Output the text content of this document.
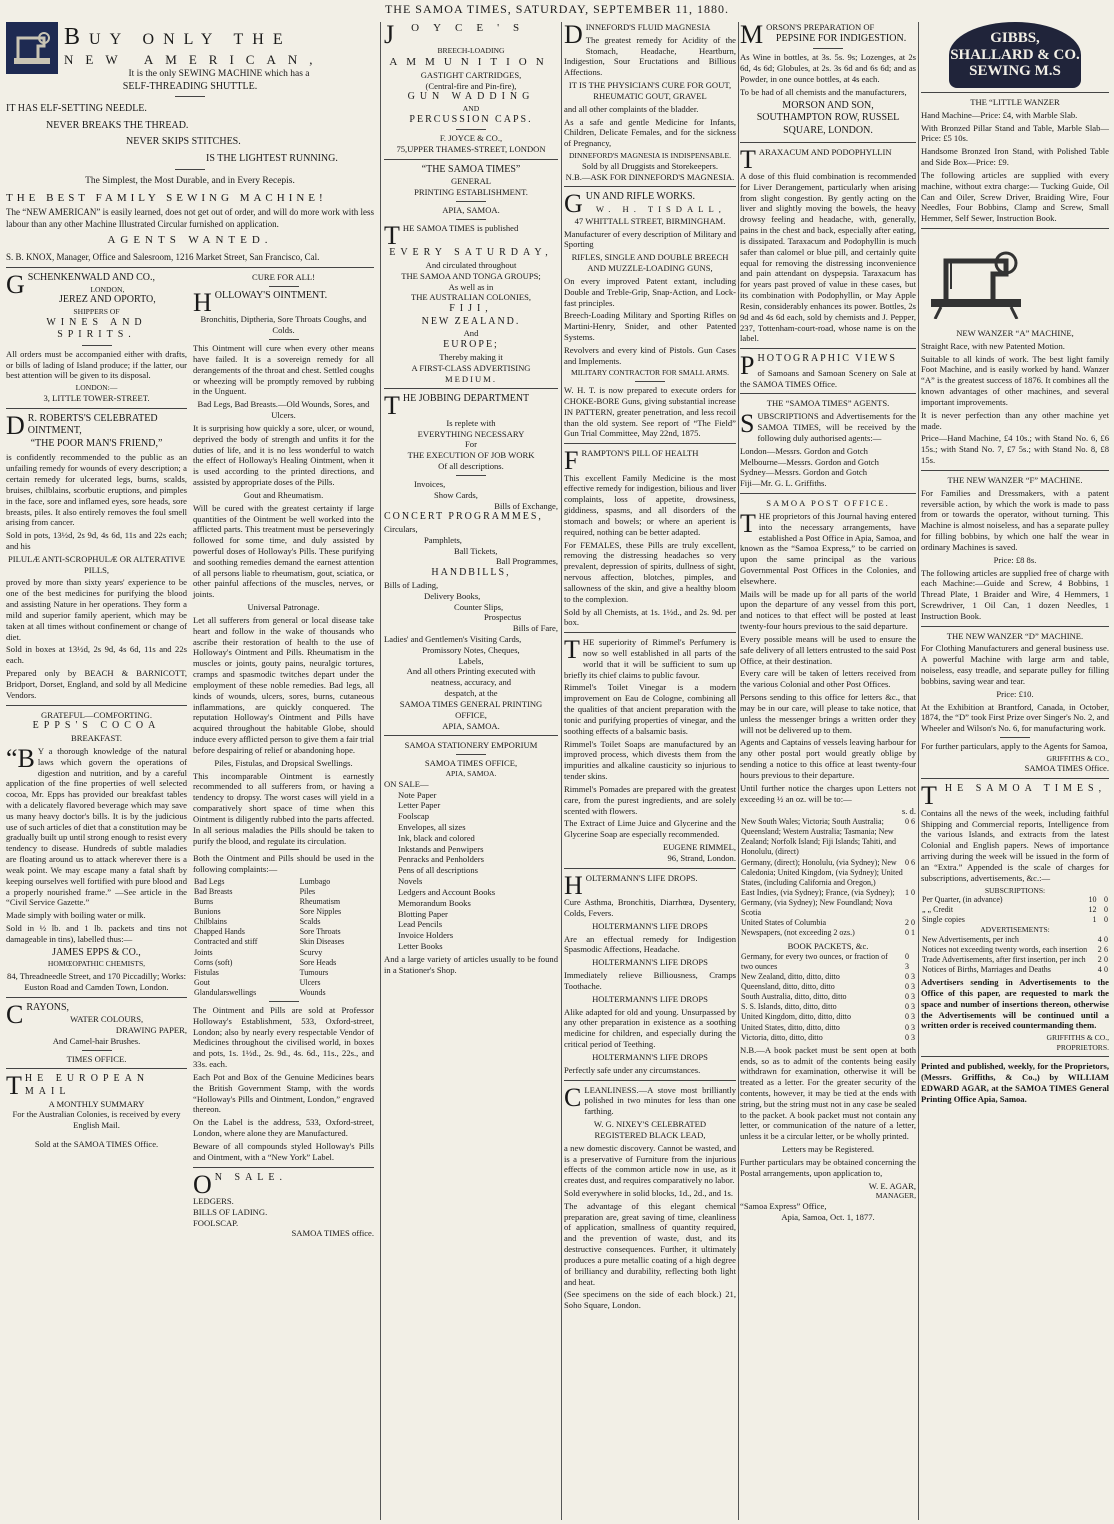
THE SAMOA TIMES, SATURDAY, SEPTEMBER 11, 1880.
BUY ONLY THE
NEW AMERICAN,
It is the only SEWING MACHINE which has a
SELF-THREADING SHUTTLE.
IT HAS ELF-SETTING NEEDLE.
NEVER BREAKS THE THREAD.
NEVER SKIPS STITCHES.
IS THE LIGHTEST RUNNING.
The Simplest, the Most Durable, and in Every Recepis.
THE BEST FAMILY SEWING MACHINE!

The “NEW AMERICAN” is easily learned, does not get out of order, and will do more work with less labour than any other Machine Illustrated Circular furnished on application.

AGENTS WANTED.
S. B. KNOX, Manager, Office and Salesroom, 1216 Market Street, San Francisco, Cal.
GSCHENKENWALD AND CO.,
LONDON,
JEREZ AND OPORTO,
SHIPPERS OF
WINES AND SPIRITS.

All orders must be accompanied either with drafts, or bills of lading of Island produce; if the latter, our best attention will be given to its disposal.

LONDON:—
3, LITTLE TOWER-STREET.
D R. ROBERTS'S CELEBRATED OINTMENT,
“THE POOR MAN'S FRIEND,”

is confidently recommended to the public as an unfailing remedy for wounds of every description; a certain remedy for ulcerated legs, burns, scalds, bruises, chilblains, scorbutic eruptions, and pimples in the face, sore and inflamed eyes, sore heads, sore breasts, piles. It also entirely removes the foul smell arising from cancer.

Sold in pots, 13½d, 2s 9d, 4s 6d, 11s and 22s each; and his

PILULÆ ANTI-SCROPHULÆ OR ALTERATIVE PILLS,

proved by more than sixty years' experience to be one of the best medicines for purifying the blood and assisting Nature in her operations. They form a mild and superior family aperient, which may be taken at all times without confinement or change of diet.

Sold in boxes at 13½d, 2s 9d, 4s 6d, 11s and 22s each.

Prepared only by BEACH & BARNICOTT, Bridport, Dorset, England, and sold by all Medicine Vendors.

GRATEFUL—COMFORTING.
EPPS'S COCOA
BREAKFAST.

“B Y a thorough knowledge of the natural laws which govern the operations of digestion and nutrition, and by a careful application of the fine properties of well selected cocoa, Mr. Epps has provided our breakfast tables with a delicately flavored beverage which may save us many heavy doctor's bills. It is by the judicious use of such articles of diet that a constitution may be gradually built up until strong enough to resist every tendency to disease. Hundreds of subtle maladies are floating around us to attack wherever there is a weak point. We may escape many a fatal shaft by keeping ourselves well fortified with pure blood and a properly nourished frame.” —See article in the “Civil Service Gazette.”

Made simply with boiling water or milk.

Sold in ½ lb. and 1 lb. packets and tins not damageable in tins), labelled thus:—

JAMES EPPS & CO.,
HOMŒOPATHIC CHEMISTS,

84, Threadneedle Street, and 170 Piccadilly; Works: Euston Road and Camden Town, London.

CRAYONS,
WATER COLOURS,
DRAWING PAPER,
And Camel-hair Brushes.
TIMES OFFICE.
THE EUROPEAN MAIL
A MONTHLY SUMMARY
For the Australian Colonies, is received by every English Mail.
Sold at the SAMOA TIMES Office.
CURE FOR ALL!
HOLLOWAY'S OINTMENT.
Bronchitis, Diptheria, Sore Throats Coughs, and Colds.

This Ointment will cure when every other means have failed. It is a sovereign remedy for all derangements of the throat and chest. Settled coughs or wheezing will be promptly removed by rubbing in the Unguent.

Bad Legs, Bad Breasts.—Old Wounds, Sores, and Ulcers.

It is surprising how quickly a sore, ulcer, or wound, deprived the body of strength and unfits it for the duties of life, and it is no less wonderful to watch the effect of Holloway's Healing Ointment, when it is used according to the printed directions, and assisted by appropriate doses of the Pills.

Gout and Rheumatism.

Will be cured with the greatest certainty if large quantities of the Ointment be well worked into the afflicted parts. This treatment must be perseveringly followed for some time, and duly assisted by powerful doses of Holloway's Pills. These purifying and soothing remedies demand the earnest attention of all persons liable to rheumatism, gout, sciatica, or other painful affections of the muscles, nerves, or joints.

Universal Patronage.

Let all sufferers from general or local disease take heart and follow in the wake of thousands who ascribe their restoration of health to the use of Holloway's Ointment and Pills. Rheumatism in the muscles or joints, gouty pains, neuralgic tortures, cramps and spasmodic twitches depart under the employment of these noble remedies. Bad legs, all kinds of wounds, ulcers, sores, burns, cutaneous inflammations, are quickly conquered. The reputation Holloway's Ointment and Pills have acquired throughout the habitable Globe, should induce every afflicted person to give them a fair trial before despairing of relief or abandoning hope.

Piles, Fistulas, and Dropsical Swellings.

This incomparable Ointment is earnestly recommended to all sufferers from, or having a tendency to dropsy. The worst cases will yield in a comparatively short space of time when this Ointment is diligently rubbed into the parts affected. In all serious maladies the Pills should be taken to purify the blood, and regulate its circulation.

Both the Ointment and Pills should be used in the following complaints:—

Bad Legs	Lumbago
Bad Breasts	Piles
Burns	Rheumatism
Bunions	Sore Nipples
Chilblains	Scalds
Chapped Hands	Sore Throats
Contracted and stiff	Skin Diseases
Joints	Scurvy
Corns (soft)	Sore Heads
Fistulas	Tumours
Gout	Ulcers
Glandularswellings	Wounds

The Ointment and Pills are sold at Professor Holloway's Establishment, 533, Oxford-street, London; also by nearly every respectable Vendor of Medicines throughout the civilised world, in boxes and pots, 1s. 1½d., 2s. 9d., 4s. 6d., 11s., 22s., and 33s. each.

Each Pot and Box of the Genuine Medicines bears the British Government Stamp, with the words “Holloway's Pills and Ointment, London,” engraved thereon.

On the Label is the address, 533, Oxford-street, London, where alone they are Manufactured.

Beware of all compounds styled Holloway's Pills and Ointment, with a “New York” Label.

O N SALE.
LEDGERS.
BILLS OF LADING.
FOOLSCAP.
SAMOA TIMES office.
JOYCE'S
BREECH-LOADING
AMMUNITION
GASTIGHT CARTRIDGES,
(Central-fire and Pin-fire),
GUN WADDING
AND
PERCUSSION CAPS.
F. JOYCE & CO.,
75,UPPER THAMES-STREET, LONDON
“THE SAMOA TIMES”
GENERAL
PRINTING ESTABLISHMENT.
APIA, SAMOA.
THE SAMOA TIMES is published
EVERY SATURDAY,
And circulated throughout
THE SAMOA AND TONGA GROUPS;
As well as in
THE AUSTRALIAN COLONIES,
FIJI,
NEW ZEALAND.
And
EUROPE;
Thereby making it
A FIRST-CLASS ADVERTISING
MEDIUM.
THE JOBBING DEPARTMENT
Is replete with
EVERYTHING NECESSARY
For
THE EXECUTION OF JOB WORK
Of all descriptions.
Invoices,
Show Cards,
Bills of Exchange,
CONCERT PROGRAMMES,
Circulars,
Pamphlets,
Ball Tickets,
Ball Programmes,
HANDBILLS,
Bills of Lading,
Delivery Books,
Counter Slips,
Prospectus
Bills of Fare,
Ladies' and Gentlemen's Visiting Cards,
Promissory Notes, Cheques,
Labels,
And all others Printing executed with
neatness, accuracy, and
despatch, at the
SAMOA TIMES GENERAL PRINTING
OFFICE,
APIA, SAMOA.
SAMOA STATIONERY EMPORIUM
SAMOA TIMES OFFICE,
APIA, SAMOA.
ON SALE—
Note Paper
Letter Paper
Foolscap
Envelopes, all sizes
Ink, black and colored
Inkstands and Penwipers
Penracks and Penholders
Pens of all descriptions
Novels
Ledgers and Account Books
Memorandum Books
Blotting Paper
Lead Pencils
Invoice Holders
Letter Books

And a large variety of articles usually to be found in a Stationer's Shop.

DINNEFORD'S FLUID MAGNESIA

The greatest remedy for Acidity of the Stomach, Headache, Heartburn, Indigestion, Sour Eructations and Billious Affections.

IT IS THE PHYSICIAN'S CURE FOR GOUT, RHEUMATIC GOUT, GRAVEL

and all other complaints of the bladder.

As a safe and gentle Medicine for Infants, Children, Delicate Females, and for the sickness of Pregnancy,

DINNEFORD'S MAGNESIA IS INDISPENSABLE.
Sold by all Druggists and Storekeepers.
N.B.—ASK FOR DINNEFORD'S MAGNESIA.
GUN AND RIFLE WORKS.
W. H. TISDALL,
47 WHITTALL STREET, BIRMINGHAM.

Manufacturer of every description of Military and Sporting

RIFLES, SINGLE AND DOUBLE BREECH AND MUZZLE-LOADING GUNS,

On every improved Patent extant, including Double and Treble-Grip, Snap-Action, and Lock-fast principles.

Breech-Loading Military and Sporting Rifles on Martini-Henry, Snider, and other Patented Systems.

Revolvers and every kind of Pistols. Gun Cases and Implements.

MILITARY CONTRACTOR FOR SMALL ARMS.

W. H. T. is now prepared to execute orders for CHOKE-BORE Guns, giving substantial increase IN PATTERN, greater penetration, and less recoil than the old system. See report of “The Field” Gun Trial Committee, May 22nd, 1875.

FRAMPTON'S PILL OF HEALTH

This excellent Family Medicine is the most effective remedy for indigestion, bilious and liver complaints, loss of appetite, drowsiness, giddiness, spasms, and all disorders of the stomach and bowels; or where an aperient is required, nothing can be better adapted.

For FEMALES, these Pills are truly excellent, removing the distressing headaches so very prevalent, depression of spirits, dullness of sight, nervous affection, blotches, pimples, and sallowness of the skin, and give a healthy bloom to the complexion.

Sold by all Chemists, at 1s. 1½d., and 2s. 9d. per box.

THE superiority of Rimmel's Perfumery is now so well established in all parts of the world that it will be sufficient to sum up briefly its chief claims to public favour.

Rimmel's Toilet Vinegar is a modern improvement on Eau de Cologne, combining all the qualities of that ancient preparation with the tonic and purifying properties of vinegar, and the soothing effects of a balsamic basis.

Rimmel's Toilet Soaps are manufactured by an improved process, which divests them from the impurities and alkaline causticity so injurious to tender skins.

Rimmel's Pomades are prepared with the greatest care, from the purest ingredients, and are solely scented with flowers.

The Extract of Lime Juice and Glycerine and the Glycerine Soap are especially recommended.

EUGENE RIMMEL,
96, Strand, London.
HOLTERMANN'S LIFE DROPS.

Cure Asthma, Bronchitis, Diarrhœa, Dysentery, Colds, Fevers.

HOLTERMANN'S LIFE DROPS

Are an effectual remedy for Indigestion Spasmodic Affections, Headache.

HOLTERMANN'S LIFE DROPS

Immediately relieve Billiousness, Cramps Toothache.

HOLTERMANN'S LIFE DROPS

Alike adapted for old and young. Unsurpassed by any other preparation in existence as a soothing medicine for children, and especially during the critical period of Teething.

HOLTERMANN'S LIFE DROPS

Perfectly safe under any circumstances.

CLEANLINESS.—A stove most brilliantly polished in two minutes for less than one farthing.

W. G. NIXEY'S CELEBRATED
REGISTERED BLACK LEAD,

a new domestic discovery. Cannot be wasted, and is a preservative of Furniture from the injurious effects of the common article now in use, as it creates dust, and requires comparatively no labor.

Sold everywhere in solid blocks, 1d., 2d., and 1s.

The advantage of this elegant chemical preparation are, great saving of time, cleanliness of application, smallness of quantity required, and the prevention of waste, dust, and its destructive consequences. Further, it ultimately produces a pure metallic coating of a high degree of brilliancy and durability, reflecting both light and heat.

(See specimens on the side of each block.) 21, Soho Square, London.

MORSON'S PREPARATION OF
PEPSINE FOR INDIGESTION.

As Wine in bottles, at 3s. 5s. 9s; Lozenges, at 2s 6d, 4s 6d; Globules, at 2s. 3s 6d and 6s 6d; and as Powder, in one ounce bottles, at 4s each.

To be had of all chemists and the manufacturers,

MORSON AND SON,
SOUTHAMPTON ROW, RUSSEL
SQUARE, LONDON.
TARAXACUM AND PODOPHYLLIN

A dose of this fluid combination is recommended for Liver Derangement, particularly when arising from slight congestion. By gently acting on the liver and slightly moving the bowels, the heavy drowsy feeling and headache, with, generally, pains in the chest and back, especially after eating, is dissipated. Taraxacum and Podophyllin is much safer than calomel or blue pill, and certainly quite equal for removing the distressing inconvenience and pain attendant on dyspepsia. Taraxacum has for years past proved of value in these cases, but its combination with Podophyllin, or May Apple Resin, considerably enhances its power. Bottles, 2s 9d and 4s 6d each, sold by chemists and J. Pepper, 237, Tottenham-court-road, whose name is on the label.

PHOTOGRAPHIC VIEWS

of Samoans and Samoan Scenery on Sale at the SAMOA TIMES Office.

THE “SAMOA TIMES” AGENTS.

SUBSCRIPTIONS and Advertisements for the SAMOA TIMES, will be received by the following duly authorised agents:—

London—Messrs. Gordon and Gotch
Melbourne—Messrs. Gordon and Gotch
Sydney—Messrs. Gordon and Gotch
Fiji—Mr. G. L. Griffiths.
SAMOA POST OFFICE.

THE proprietors of this Journal having entered into the necessary arrangements, have established a Post Office in Apia, Samoa, and known as the “Samoa Express,” to be carried on upon the same principal as the various Governmental Post Offices in the Colonies, and elsewhere.

Mails will be made up for all parts of the world upon the departure of any vessel from this port, and notices to that effect will be posted at least twenty-four hours previous to the said departure.

Every possible means will be used to ensure the safe delivery of all letters entrusted to the said Post Office, at their destination.

Every care will be taken of letters received from the various Colonial and other Post Offices.

Persons sending to this office for letters &c., that may be in our care, will please to take notice, that unless the messenger brings a written order they will not be delivered up to them.

Agents and Captains of vessels leaving harbour for any other postal port would greatly oblige by sending a notice to this office at least twenty-four hours previous to their departure.

Until further notice the charges upon Letters not exceeding ½ an oz. will be to:—

s. d.
New South Wales; Victoria; South Australia; Queensland; Western Australia; Tasmania; New Zealand; Norfolk Island; Fiji Islands; Tahiti, and Honolulu, (direct)	0	6
Germany, (direct); Honolulu, (via Sydney); New Caledonia; United Kingdom, (via Sydney); United States, (including California and Oregon,)	0	6
East Indies, (via Sydney); France, (via Sydney); Germany, (via Sydney); New Foundland; Nova Scotia	1	0
United States of Columbia	2	0
Newspapers, (not exceeding 2 ozs.)	0	1
BOOK PACKETS, &c.
Germany, for every two ounces, or fraction of two ounces	0 3	
New Zealand, ditto, ditto, ditto	0	3
Queensland, ditto, ditto, ditto	0	3
South Australia, ditto, ditto, ditto	0	3
S. S. Islands, ditto, ditto, ditto	0	3
United Kingdom, ditto, ditto, ditto	0	3
United States, ditto, ditto, ditto	0	3
Victoria, ditto, ditto, ditto	0	3

N.B.—A book packet must be sent open at both ends, so as to admit of the contents being easily withdrawn for examination, otherwise it will be treated as a letter. For the greater security of the contents, however, it may be tied at the ends with string, but the string must not in any case be sealed to the packet. A book packet must not contain any letter, or communication of the nature of a letter, unless it be a circular letter, or be wholly printed.

Letters may be Registered.

Further particulars may be obtained concerning the Postal arrangements, upon application to,

W. E. AGAR,
MANAGER,
“Samoa Express” Office,
Apia, Samoa, Oct. 1, 1877.
GIBBS, SHALLARD & CO. SEWING M.S
THE “LITTLE WANZER

Hand Machine—Price: £4, with Marble Slab.

With Bronzed Pillar Stand and Table, Marble Slab—Price: £5 10s.

Handsome Bronzed Iron Stand, with Polished Table and Side Box—Price: £9.

The following articles are supplied with every machine, without extra charge:— Tucking Guide, Oil Can and Oiler, Screw Driver, Braiding Wire, Four Needles, Four Bobbins, Clamp and Screw, Small Hemmer, Self Sewer, Instruction Book.

NEW WANZER “A” MACHINE,

Straight Race, with new Patented Motion.

Suitable to all kinds of work. The best light family Foot Machine, and is easily worked by hand. Wanzer “A” is the greatest success of 1876. It combines all the known advantages of other machines, and several important improvements.

It is never perfection than any other machine yet made.

Price—Hand Machine, £4 10s.; with Stand No. 6, £6 15s.; with Stand No. 7, £7 5s.; with Stand No. 8, £8 15s.

THE NEW WANZER “F” MACHINE.

For Families and Dressmakers, with a patent reversible action, by which the work is made to pass from or towards the operator, without turning. This Machine is almost noiseless, and has a separate pulley for filling bobbins, by which one half the wear in ordinary Machines is saved.

Price: £8 8s.

The following articles are supplied free of charge with each Machine:—Guide and Screw, 4 Bobbins, 1 Thread Plate, 1 Braider and Wire, 4 Hemmers, 1 Screwdriver, 1 Oil Can, 1 dozen Needles, 1 Instruction Book.

THE NEW WANZER “D” MACHINE.

For Clothing Manufacturers and general business use. A powerful Machine with large arm and table, noiseless, easy treadle, and separate pulley for filling bobbins, saving wear and tear.

Price: £10.

At the Exhibition at Brantford, Canada, in October, 1874, the “D” took First Prize over Singer's No. 2, and Wheeler and Wilson's No. 6, for manufacturing work.

For further particulars, apply to the Agents for Samoa,

GRIFFITHS & CO.,
SAMOA TIMES Office.
THE SAMOA TIMES,

Contains all the news of the week, including faithful Shipping and Commercial reports, Intelligence from the various Islands, and extracts from the latest Colonial and English papers. News of importance arriving during the week will be issued in the form of an “Extra.” Appended is the scale of charges for subscriptions, advertisements, &c.:—

SUBSCRIPTIONS:
Per Quarter, (in advance)	10	0
„ „ Credit	12	0
Single copies	1	0
ADVERTISEMENTS:
New Advertisements, per inch	4	0
Notices not exceeding twenty words, each insertion	2	6
Trade Advertisements, after first insertion, per inch	2	0
Notices of Births, Marriages and Deaths	4	0

Advertisers sending in Advertisements to the Office of this paper, are requested to mark the space and number of insertions thereon, otherwise the Advertisements will be continued until a written order is received countermanding them.

GRIFFITHS & CO.,
PROPRIETORS.

Printed and published, weekly, for the Proprietors, (Messrs. Griffiths, & Co.,) by WILLIAM EDWARD AGAR, at the SAMOA TIMES General Printing Office Apia, Samoa.
